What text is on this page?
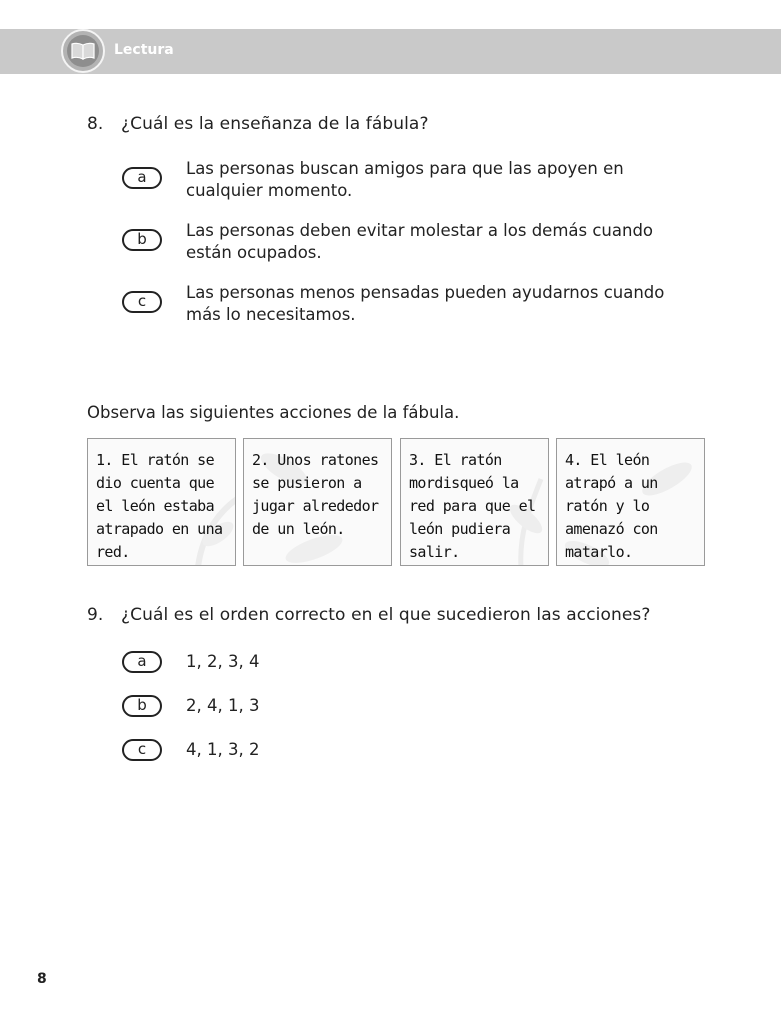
Lectura
8. ¿Cuál es la enseñanza de la fábula?
a	Las personas buscan amigos para que las apoyen en cualquier momento.
b	Las personas deben evitar molestar a los demás cuando están ocupados.
c	Las personas menos pensadas pueden ayudarnos cuando más lo necesitamos.
Observa las siguientes acciones de la fábula.
1. El ratón se dio cuenta que el león estaba atrapado en una red.
2. Unos ratones se pusieron a jugar alrededor de un león.
3. El ratón mordisqueó la red para que el león pudiera salir.
4. El león atrapó a un ratón y lo amenazó con matarlo.
9. ¿Cuál es el orden correcto en el que sucedieron las acciones?
a	1, 2, 3, 4
b	2, 4, 1, 3
c	4, 1, 3, 2
8
